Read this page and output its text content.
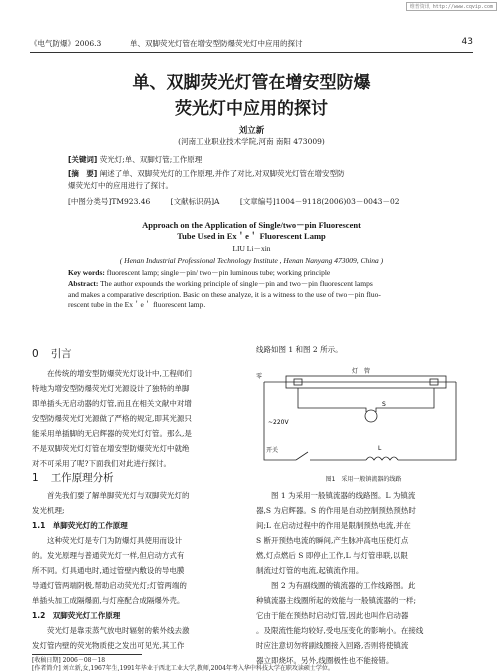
维普资讯 http://www.cqvip.com
《电气防爆》2006.3	单、双脚荧光灯管在增安型防爆荧光灯中应用的探讨	43
单、双脚荧光灯管在增安型防爆
荧光灯中应用的探讨
刘立新
(河南工业职业技术学院,河南 南阳 473009)
[关键词] 荧光灯;单、双脚灯管;工作原理
[摘　要] 阐述了单、双脚荧光灯的工作原理,并作了对比,对双脚荧光灯管在增安型防
爆荧光灯中的应用进行了探讨。
[中图分类号]TM923.46	[文献标识码]A	[文章编号]1004－9118(2006)03－0043－02
Approach on the Application of Single/two－pin Fluorescent
Tube Used in Ex＇e＇ Fluorescent Lamp
LIU Li－xin
( Henan Industrial Professional Technology Institute , Henan Nanyang 473009, China )
Key words: fluorescent lamp; single－pin/ two－pin luminous tube; working principle
Abstract: The author expounds the working principle of single－pin and two－pin fluorescent lamps
and makes a comparative description. Basic on these analyze, it is a witness to the use of two－pin fluo-
rescent tube in the Ex＇e＇ fluorescent lamp.
0 引言
　　在传统的增安型防爆荧光灯设计中,工程师们
特地为增安型防爆荧光灯光源设计了独特的单脚
即单插头无启动器的灯管,而且在相关文献中对增
安型防爆荧光灯光源做了严格的规定,即其光源只
能采用单插脚的无启辉器的荧光灯灯管。那么,是
不是双脚荧光灯灯管在增安型防爆荧光灯中就绝
对不可采用了呢?下面我们对此进行探讨。
1 工作原理分析
　　首先我们要了解单脚荧光灯与双脚荧光灯的
发光机理;
1.1　单脚荧光灯的工作原理
　　这种荧光灯是专门为防爆灯具使用而设计
的。发光原理与普通荧光灯一样,但启动方式有
所不同。灯具通电时,通过管壁内敷设的导电膜
导通灯管两端阴极,帮助启动荧光灯;灯管两端的
单插头加工成隔爆面,与灯座配合成隔爆外壳。
1.2　双脚荧光灯工作原理
　　荧光灯是靠汞蒸气放电时辐射的紫外线去激
发灯管内壁的荧光物质使之发出可见光,其工作
线路如图 1 和图 2 所示。
灯　管
S
~220V
开关	L
零
图1　采用一般镇流器的线路
　　图 1 为采用一般镇流器的线路图。L 为镇流
器,S 为启辉器。S 的作用是自动控制预热预热时
间;L 在启动过程中的作用是限制预热电流,并在
S 断开预热电流的瞬间,产生脉冲高电压使灯点
燃,灯点燃后 S 即停止工作,L 与灯管串联,以限
制流过灯管的电流,起镇流作用。
　　图 2 为有副线圈的镇流器的工作线路图。此
种镇流器主线圈所起的效能与一般镇流器的一样;
它由于能在预热时启动灯管,因此也叫作启动器
。及限流性能均较好,受电压变化的影响小。在接线
时应注意切勿将副线圈接入回路,否则将使镇流
器立即烧坏。另外,线圈极性也不能接错。
[收稿日期] 2006－08－18
[作者简介] 刘立新,女,1967年生,1991年毕业于西北工业大学,教师,2004年考入华中科技大学在职攻读硕士学位。
